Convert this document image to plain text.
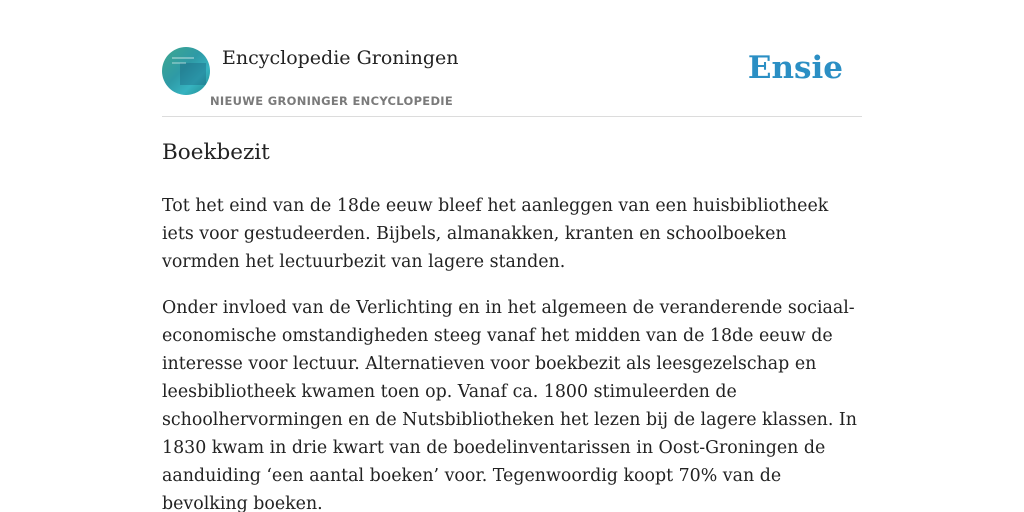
Encyclopedie Groningen
NIEUWE GRONINGER ENCYCLOPEDIE
Ensie
Boekbezit

Tot het eind van de 18de eeuw bleef het aanleggen van een huisbibliotheek iets voor gestudeerden. Bijbels, almanakken, kranten en schoolboeken vormden het lectuurbezit van lagere standen.

Onder invloed van de Verlichting en in het algemeen de veranderende sociaal-economische omstandigheden steeg vanaf het midden van de 18de eeuw de interesse voor lectuur. Alternatieven voor boekbezit als leesgezelschap en leesbibliotheek kwamen toen op. Vanaf ca. 1800 stimuleerden de schoolhervormingen en de Nutsbibliotheken het lezen bij de lagere klassen. In 1830 kwam in drie kwart van de boedelinventarissen in Oost-Groningen de aanduiding ‘een aantal boeken’ voor. Tegenwoordig koopt 70% van de bevolking boeken.
